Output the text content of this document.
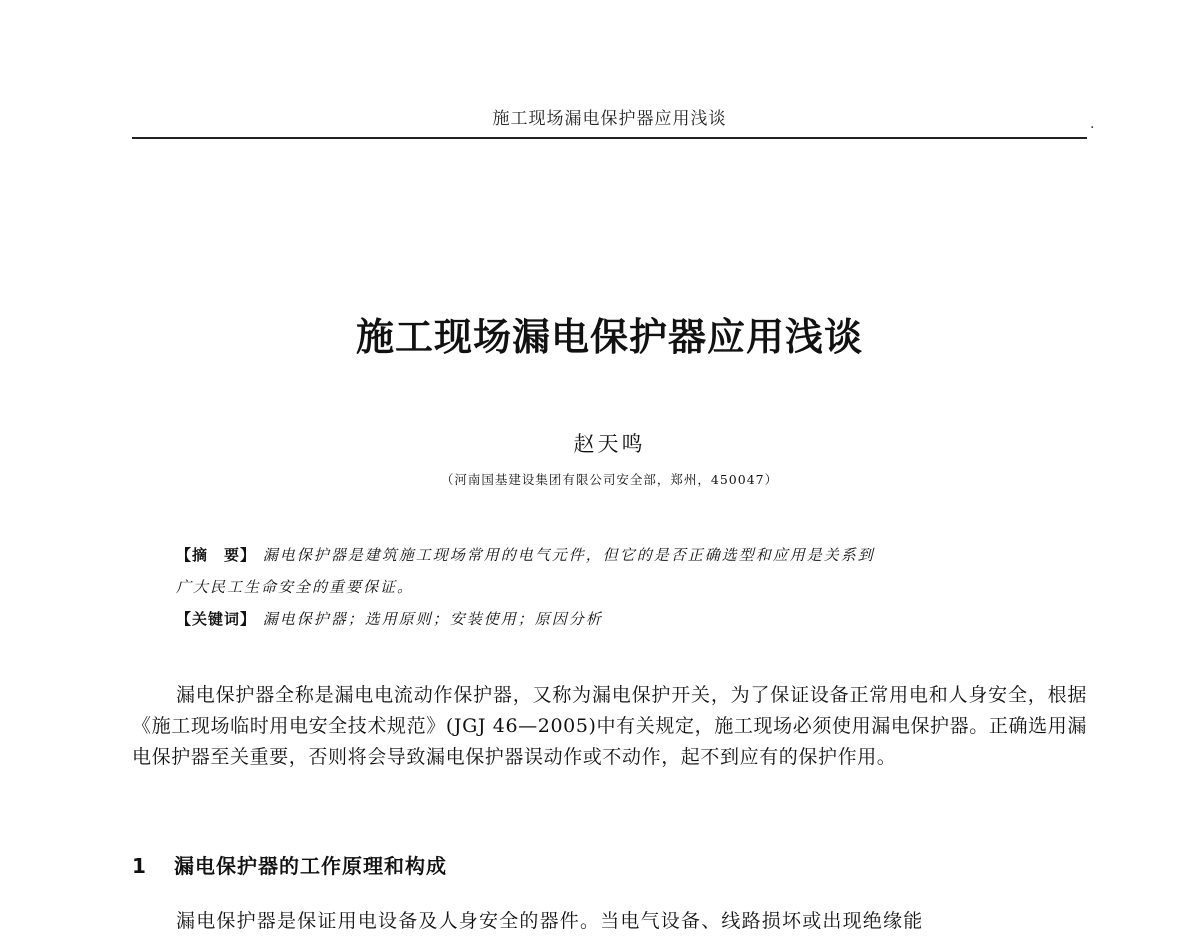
施工现场漏电保护器应用浅谈	.
施工现场漏电保护器应用浅谈
赵天鸣
（河南国基建设集团有限公司安全部，郑州，450047）
【摘　要】 漏电保护器是建筑施工现场常用的电气元件，但它的是否正确选型和应用是关系到
广大民工生命安全的重要保证。
【关键词】 漏电保护器；选用原则；安装使用；原因分析

漏电保护器全称是漏电电流动作保护器，又称为漏电保护开关，为了保证设备正常用电和人身安全，根据《施工现场临时用电安全技术规范》(JGJ 46—2005)中有关规定，施工现场必须使用漏电保护器。正确选用漏电保护器至关重要，否则将会导致漏电保护器误动作或不动作，起不到应有的保护作用。

1 漏电保护器的工作原理和构成

漏电保护器是保证用电设备及人身安全的器件。当电气设备、线路损坏或出现绝缘能
